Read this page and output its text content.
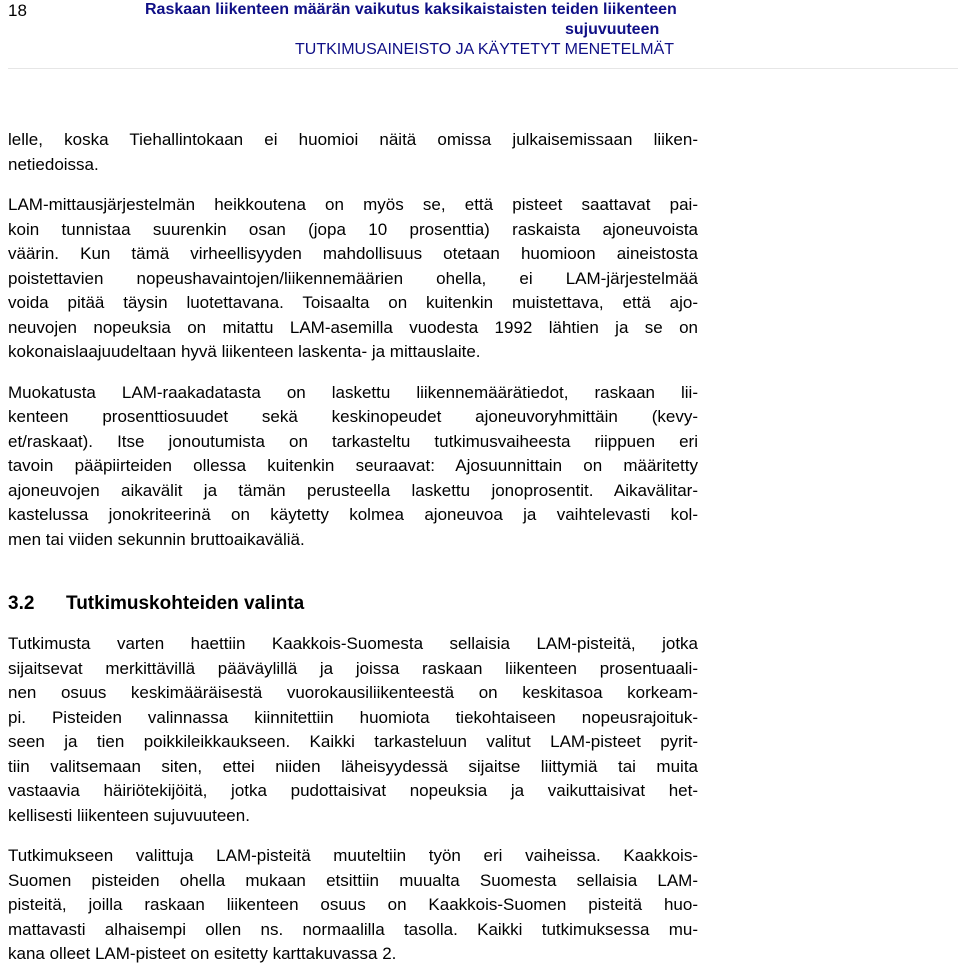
18	Raskaan liikenteen määrän vaikutus kaksikaistaisten teiden liikenteen
sujuvuuteen
TUTKIMUSAINEISTO JA KÄYTETYT MENETELMÄT

lelle, koska Tiehallintokaan ei huomioi näitä omissa julkaisemissaan liiken-
netiedoissa.

LAM-mittausjärjestelmän heikkoutena on myös se, että pisteet saattavat pai-
koin tunnistaa suurenkin osan (jopa 10 prosenttia) raskaista ajoneuvoista
väärin. Kun tämä virheellisyyden mahdollisuus otetaan huomioon aineistosta
poistettavien nopeushavaintojen/liikennemäärien ohella, ei LAM-järjestelmää
voida pitää täysin luotettavana. Toisaalta on kuitenkin muistettava, että ajo-
neuvojen nopeuksia on mitattu LAM-asemilla vuodesta 1992 lähtien ja se on
kokonaislaajuudeltaan hyvä liikenteen laskenta- ja mittauslaite.

Muokatusta LAM-raakadatasta on laskettu liikennemäärätiedot, raskaan lii-
kenteen prosenttiosuudet sekä keskinopeudet ajoneuvoryhmittäin (kevy-
et/raskaat). Itse jonoutumista on tarkasteltu tutkimusvaiheesta riippuen eri
tavoin pääpiirteiden ollessa kuitenkin seuraavat: Ajosuunnittain on määritetty
ajoneuvojen aikavälit ja tämän perusteella laskettu jonoprosentit. Aikavälitar-
kastelussa jonokriteerinä on käytetty kolmea ajoneuvoa ja vaihtelevasti kol-
men tai viiden sekunnin bruttoaikaväliä.

3.2	Tutkimuskohteiden valinta

Tutkimusta varten haettiin Kaakkois-Suomesta sellaisia LAM-pisteitä, jotka
sijaitsevat merkittävillä pääväylillä ja joissa raskaan liikenteen prosentuaali-
nen osuus keskimääräisestä vuorokausiliikenteestä on keskitasoa korkeam-
pi. Pisteiden valinnassa kiinnitettiin huomiota tiekohtaiseen nopeusrajoituk-
seen ja tien poikkileikkaukseen. Kaikki tarkasteluun valitut LAM-pisteet pyrit-
tiin valitsemaan siten, ettei niiden läheisyydessä sijaitse liittymiä tai muita
vastaavia häiriötekijöitä, jotka pudottaisivat nopeuksia ja vaikuttaisivat het-
kellisesti liikenteen sujuvuuteen.

Tutkimukseen valittuja LAM-pisteitä muuteltiin työn eri vaiheissa. Kaakkois-
Suomen pisteiden ohella mukaan etsittiin muualta Suomesta sellaisia LAM-
pisteitä, joilla raskaan liikenteen osuus on Kaakkois-Suomen pisteitä huo-
mattavasti alhaisempi ollen ns. normaalilla tasolla. Kaikki tutkimuksessa mu-
kana olleet LAM-pisteet on esitetty karttakuvassa 2.
